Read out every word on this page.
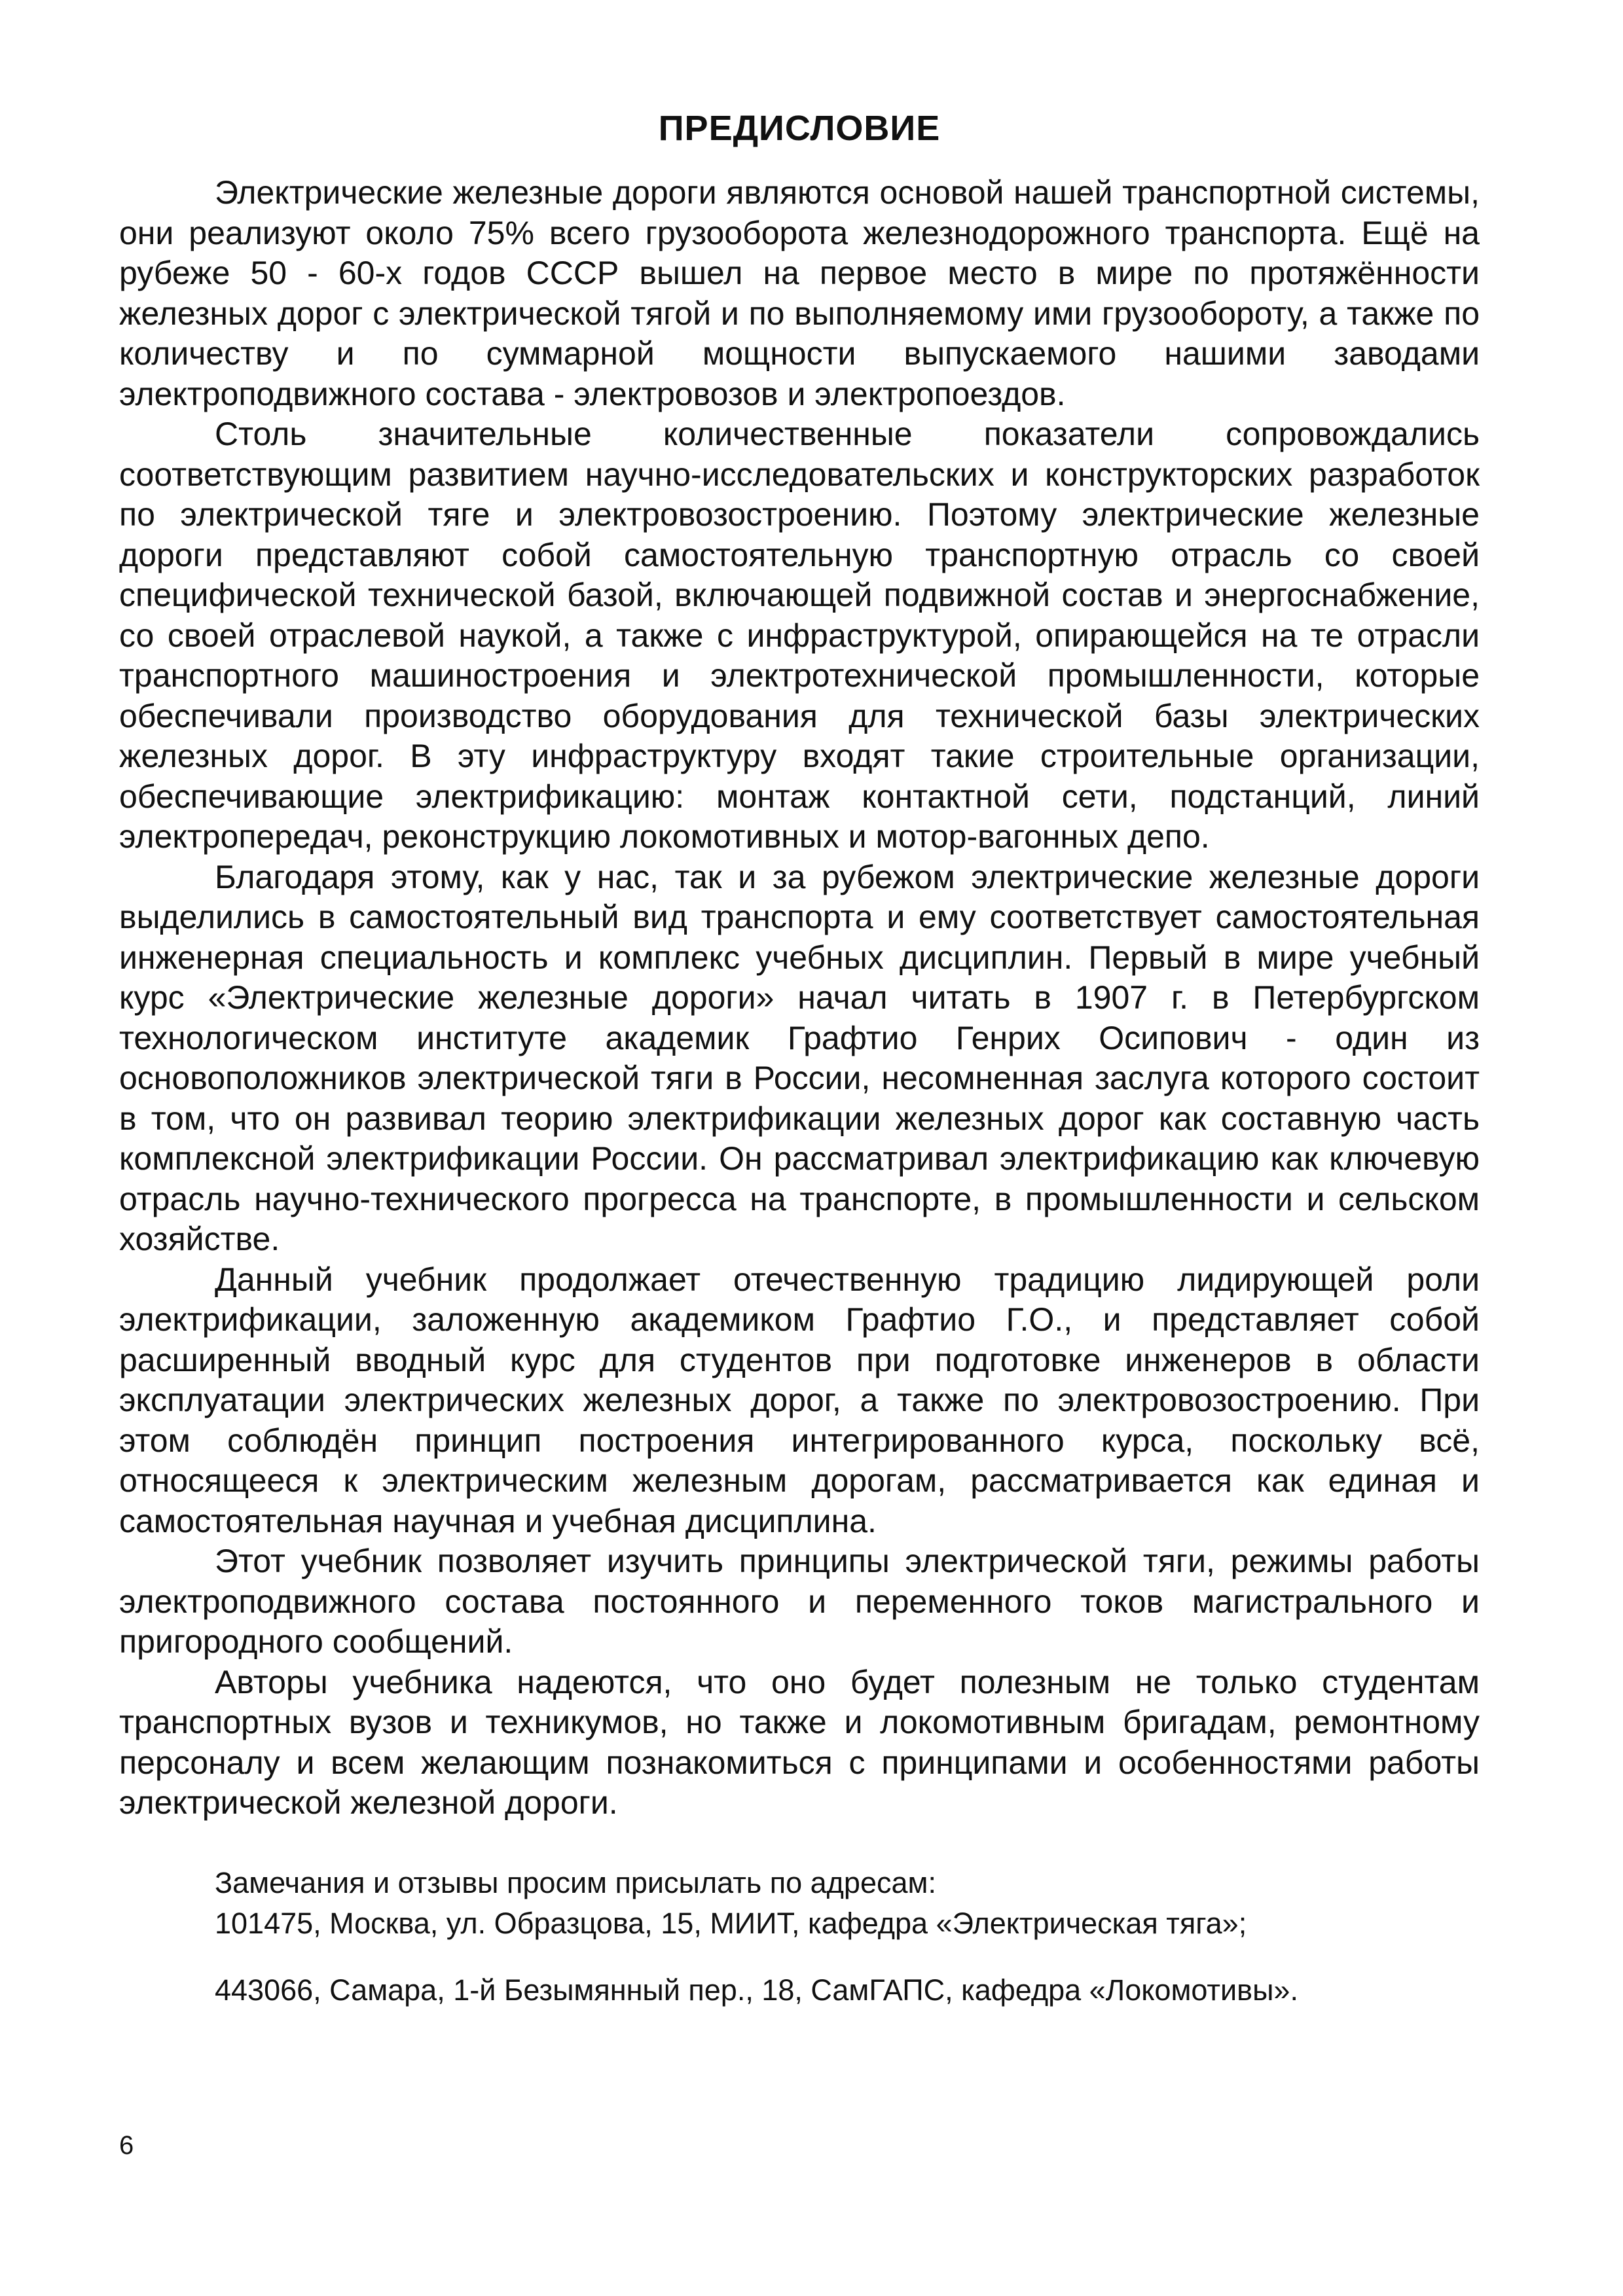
ПРЕДИСЛОВИЕ

Электрические железные дороги являются основой нашей транспортной системы, они реализуют около 75% всего грузооборота железнодорожного транспорта. Ещё на рубеже 50 - 60-х годов СССР вышел на первое место в мире по протяжённости железных дорог с электрической тягой и по выполняемому ими грузообороту, а также по количеству и по суммарной мощности выпускаемого нашими заводами электроподвижного состава - электровозов и электропоездов.

Столь значительные количественные показатели сопровождались соответствующим развитием научно-исследовательских и конструкторских разработок по электрической тяге и электровозостроению. Поэтому электрические железные дороги представляют собой самостоятельную транспортную отрасль со своей специфической технической базой, включающей подвижной состав и энергоснабжение, со своей отраслевой наукой, а также с инфраструктурой, опирающейся на те отрасли транспортного машиностроения и электротехнической промышленности, которые обеспечивали производство оборудования для технической базы электрических железных дорог. В эту инфраструктуру входят такие строительные организации, обеспечивающие электрификацию: монтаж контактной сети, подстанций, линий электропередач, реконструкцию локомотивных и мотор-вагонных депо.

Благодаря этому, как у нас, так и за рубежом электрические железные дороги выделились в самостоятельный вид транспорта и ему соответствует самостоятельная инженерная специальность и комплекс учебных дисциплин. Первый в мире учебный курс «Электрические железные дороги» начал читать в 1907 г. в Петербургском технологическом институте академик Графтио Генрих Осипович - один из основоположников электрической тяги в России, несомненная заслуга которого состоит в том, что он развивал теорию электрификации железных дорог как составную часть комплексной электрификации России. Он рассматривал электрификацию как ключевую отрасль научно-технического прогресса на транспорте, в промышленности и сельском хозяйстве.

Данный учебник продолжает отечественную традицию лидирующей роли электрификации, заложенную академиком Графтио Г.О., и представляет собой расширенный вводный курс для студентов при подготовке инженеров в области эксплуатации электрических железных дорог, а также по электровозостроению. При этом соблюдён принцип построения интегрированного курса, поскольку всё, относящееся к электрическим железным дорогам, рассматривается как единая и самостоятельная научная и учебная дисциплина.

Этот учебник позволяет изучить принципы электрической тяги, режимы работы электроподвижного состава постоянного и переменного токов магистрального и пригородного сообщений.

Авторы учебника надеются, что оно будет полезным не только студентам транспортных вузов и техникумов, но также и локомотивным бригадам, ремонтному персоналу и всем желающим познакомиться с принципами и особенностями работы электрической железной дороги.

Замечания и отзывы просим присылать по адресам:

101475, Москва, ул. Образцова, 15, МИИТ, кафедра «Электрическая тяга»;

443066, Самара, 1-й Безымянный пер., 18, СамГАПС, кафедра «Локомотивы».

6
